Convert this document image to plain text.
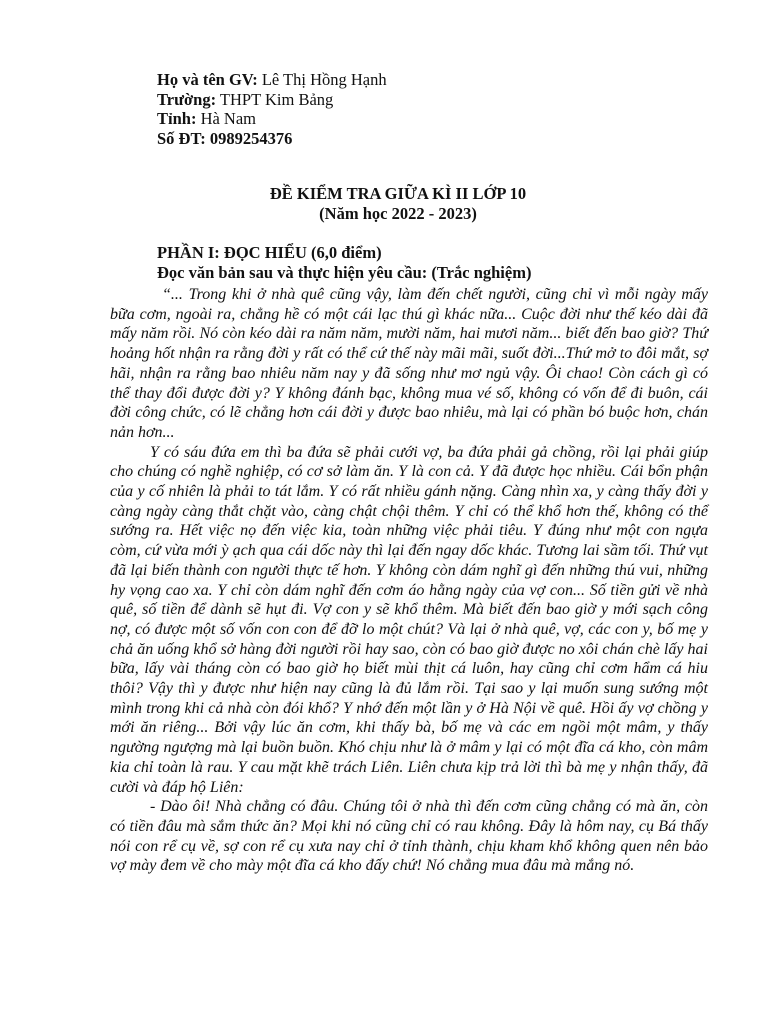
Họ và tên GV: Lê Thị Hồng Hạnh
Trường: THPT Kim Bảng
Tỉnh: Hà Nam
Số ĐT: 0989254376
ĐỀ KIỂM TRA GIỮA KÌ II LỚP 10
(Năm học 2022 - 2023)
PHẦN I: ĐỌC HIỂU (6,0 điểm)
Đọc văn bản sau và thực hiện yêu cầu: (Trắc nghiệm)

“... Trong khi ở nhà quê cũng vậy, làm đến chết người, cũng chỉ vì mỗi ngày mấy bữa cơm, ngoài ra, chẳng hề có một cái lạc thú gì khác nữa... Cuộc đời như thế kéo dài đã mấy năm rồi. Nó còn kéo dài ra năm năm, mười năm, hai mươi năm... biết đến bao giờ? Thứ hoảng hốt nhận ra rằng đời y rất có thể cứ thế này mãi mãi, suốt đời...Thứ mở to đôi mắt, sợ hãi, nhận ra rằng bao nhiêu năm nay y đã sống như mơ ngủ vậy. Ôi chao! Còn cách gì có thể thay đổi được đời y? Y không đánh bạc, không mua vé số, không có vốn để đi buôn, cái đời công chức, có lẽ chẳng hơn cái đời y được bao nhiêu, mà lại có phần bó buộc hơn, chán nản hơn...

Y có sáu đứa em thì ba đứa sẽ phải cưới vợ, ba đứa phải gả chồng, rồi lại phải giúp cho chúng có nghề nghiệp, có cơ sở làm ăn. Y là con cả. Y đã được học nhiều. Cái bổn phận của y cố nhiên là phải to tát lắm. Y có rất nhiều gánh nặng. Càng nhìn xa, y càng thấy đời y càng ngày càng thắt chặt vào, càng chật chội thêm. Y chỉ có thể khổ hơn thế, không có thể sướng ra. Hết việc nọ đến việc kia, toàn những việc phải tiêu. Y đúng như một con ngựa còm, cứ vừa mới ỳ ạch qua cái dốc này thì lại đến ngay dốc khác. Tương lai sầm tối. Thứ vụt đã lại biến thành con người thực tế hơn. Y không còn dám nghĩ gì đến những thú vui, những hy vọng cao xa. Y chỉ còn dám nghĩ đến cơm áo hằng ngày của vợ con... Số tiền gửi về nhà quê, số tiền để dành sẽ hụt đi. Vợ con y sẽ khổ thêm. Mà biết đến bao giờ y mới sạch công nợ, có được một số vốn con con để đỡ lo một chút? Và lại ở nhà quê, vợ, các con y, bố mẹ y chả ăn uống khổ sở hàng đời người rồi hay sao, còn có bao giờ được no xôi chán chè lấy hai bữa, lấy vài tháng còn có bao giờ họ biết mùi thịt cá luôn, hay cũng chỉ cơm hẩm cá hiu thôi? Vậy thì y được như hiện nay cũng là đủ lắm rồi. Tại sao y lại muốn sung sướng một mình trong khi cả nhà còn đói khổ? Y nhớ đến một lần y ở Hà Nội về quê. Hồi ấy vợ chồng y mới ăn riêng... Bởi vậy lúc ăn cơm, khi thấy bà, bố mẹ và các em ngồi một mâm, y thấy ngường ngượng mà lại buồn buồn. Khó chịu như là ở mâm y lại có một đĩa cá kho, còn mâm kia chỉ toàn là rau. Y cau mặt khẽ trách Liên. Liên chưa kịp trả lời thì bà mẹ y nhận thấy, đã cười và đáp hộ Liên:

- Dào ôi! Nhà chẳng có đâu. Chúng tôi ở nhà thì đến cơm cũng chẳng có mà ăn, còn có tiền đâu mà sắm thức ăn? Mọi khi nó cũng chỉ có rau không. Đây là hôm nay, cụ Bá thấy nói con rể cụ về, sợ con rể cụ xưa nay chỉ ở tỉnh thành, chịu kham khổ không quen nên bảo vợ mày đem về cho mày một đĩa cá kho đấy chứ! Nó chẳng mua đâu mà mắng nó.
